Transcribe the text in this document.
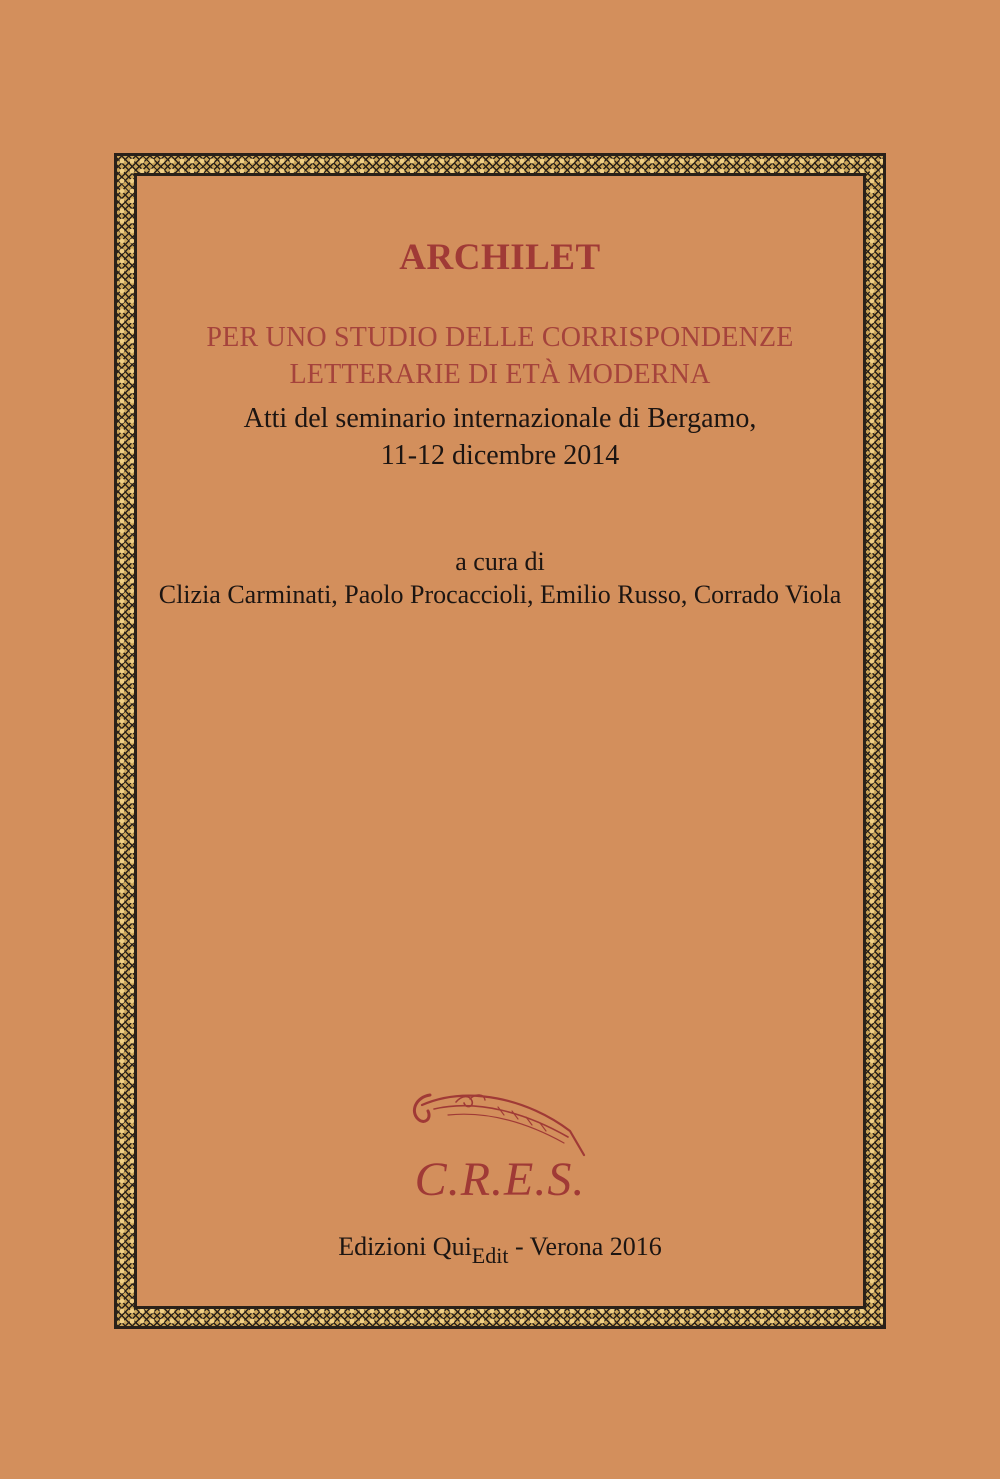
ARCHILET

PER UNO STUDIO DELLE CORRISPONDENZE

LETTERARIE DI ETÀ MODERNA

Atti del seminario internazionale di Bergamo,

11-12 dicembre 2014

a cura di

Clizia Carminati, Paolo Procaccioli, Emilio Russo, Corrado Viola

C.R.E.S.

Edizioni Qui$_{Edit}$ - Verona 2016
